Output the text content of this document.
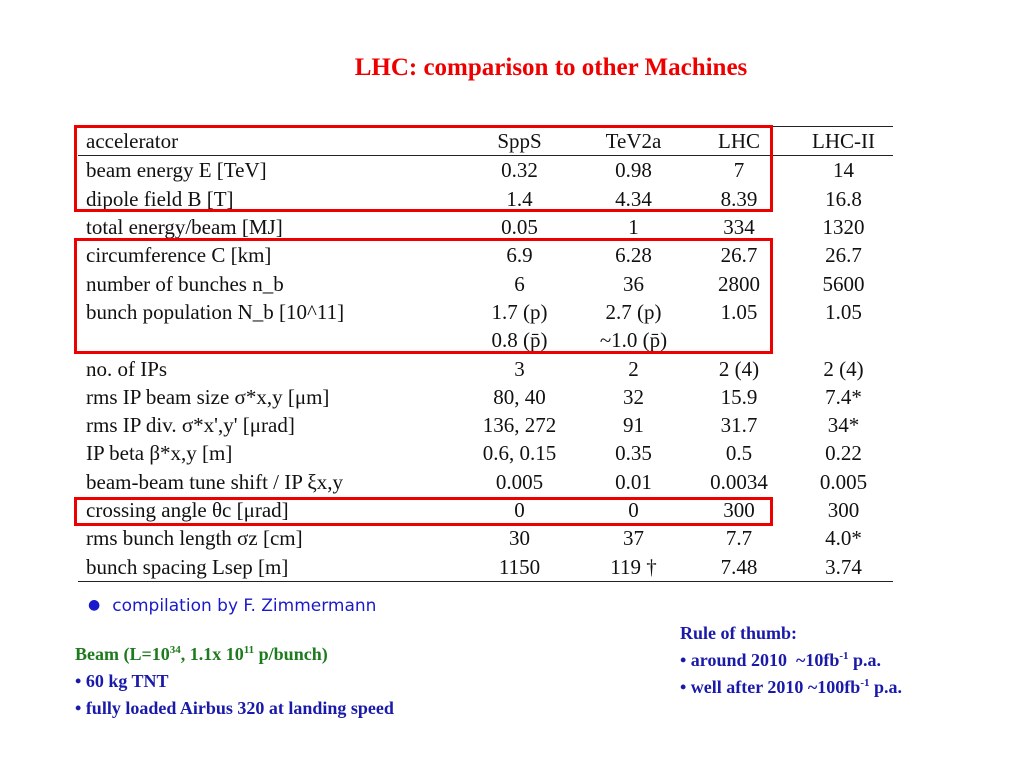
LHC: comparison to other Machines
accelerator	SppS	TeV2a	LHC	LHC-II
beam energy E [TeV]	0.32	0.98	7	14
dipole field B [T]	1.4	4.34	8.39	16.8
total energy/beam [MJ]	0.05	1	334	1320
circumference C [km]	6.9	6.28	26.7	26.7
number of bunches n_b	6	36	2800	5600
bunch population N_b [10^11]	1.7 (p)	2.7 (p)	1.05	1.05
	0.8 (p̄)	~1.0 (p̄)		
no. of IPs	3	2	2 (4)	2 (4)
rms IP beam size σ*x,y [μm]	80, 40	32	15.9	7.4*
rms IP div. σ*x',y' [μrad]	136, 272	91	31.7	34*
IP beta β*x,y [m]	0.6, 0.15	0.35	0.5	0.22
beam-beam tune shift / IP ξx,y	0.005	0.01	0.0034	0.005
crossing angle θc [μrad]	0	0	300	300
rms bunch length σz [cm]	30	37	7.7	4.0*
bunch spacing Lsep [m]	1150	119 †	7.48	3.74
● compilation by F. Zimmermann
Beam ($L=10^{34}$, 1.1x $10^{11}$ p/bunch)
• 60 kg TNT
• fully loaded Airbus 320 at landing speed
Rule of thumb:
• around 2010  $\sim 10fb^{-1}$ p.a.
• well after 2010 $\sim 100fb^{-1}$ p.a.
